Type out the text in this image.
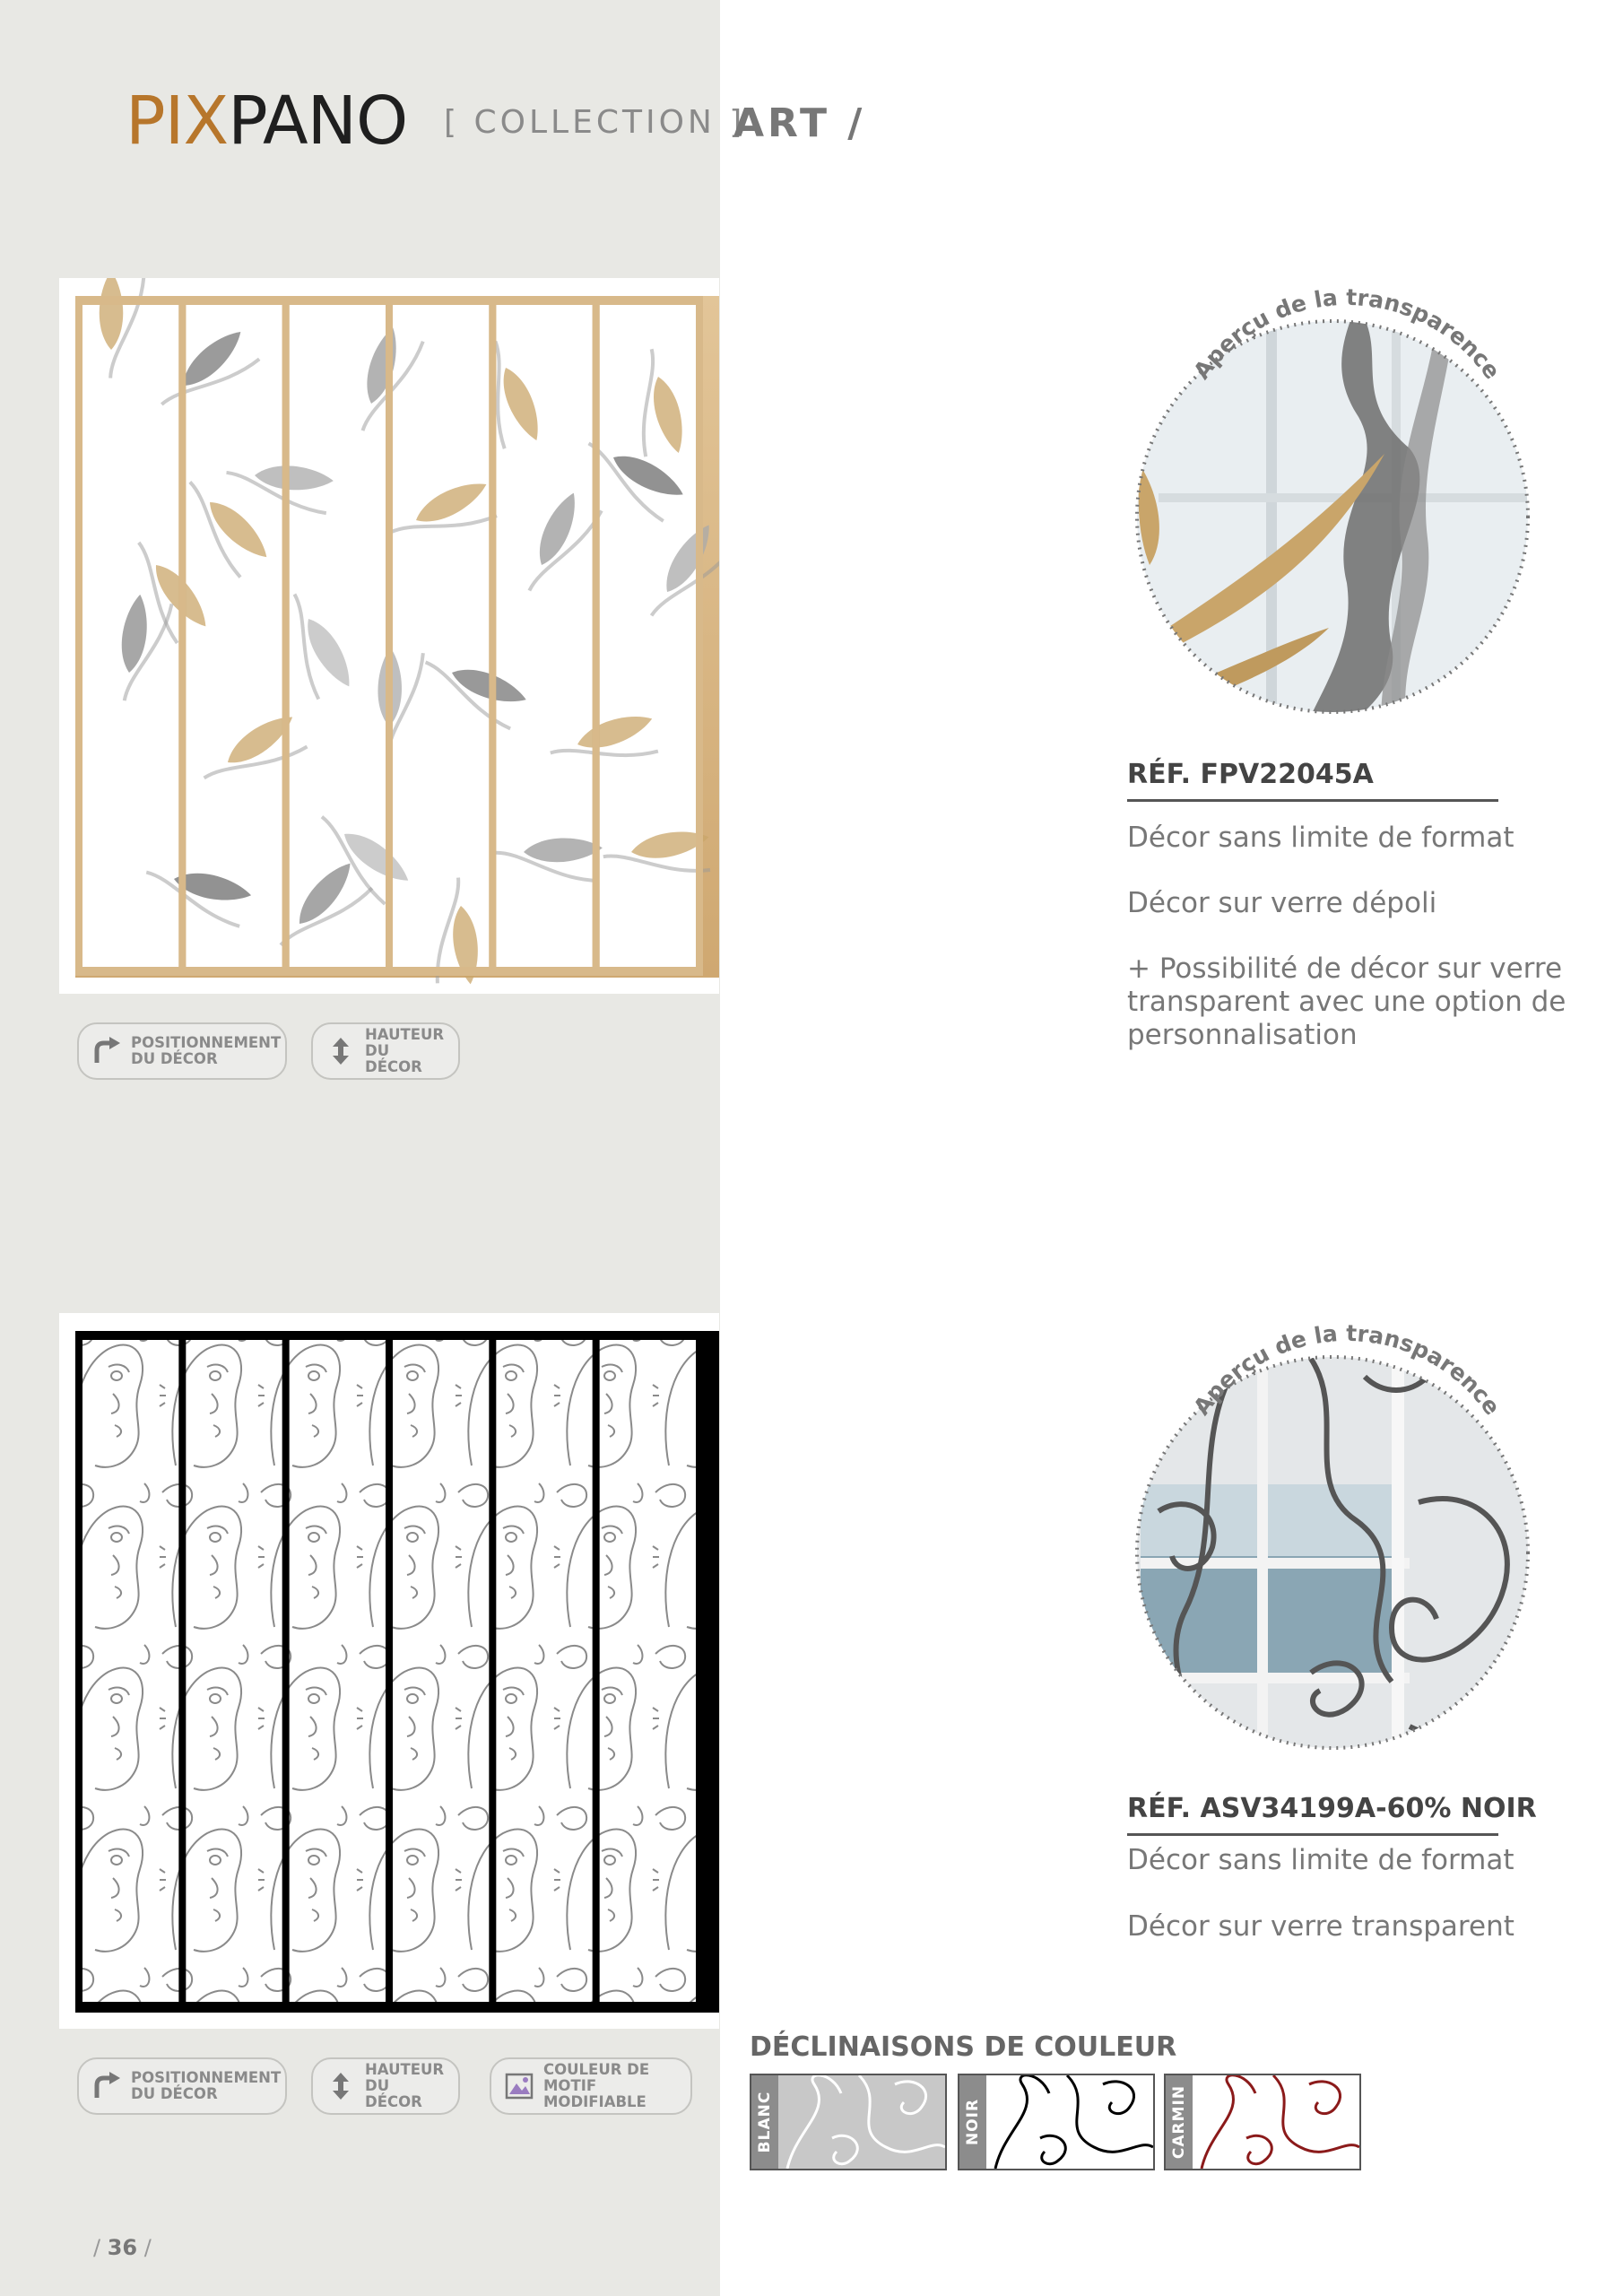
PIXPANO [ COLLECTION ]
ART /
Aperçu de la transparence
RÉF. FPV22045A
Décor sans limite de format
Décor sur verre dépoli
+ Possibilité de décor sur verre transparent avec une option de personnalisation
POSITIONNEMENT
DU DÉCOR
HAUTEUR
DU DÉCOR
Aperçu de la transparence
RÉF. ASV34199A-60% NOIR
Décor sans limite de format
Décor sur verre transparent
POSITIONNEMENT
DU DÉCOR
HAUTEUR
DU DÉCOR
COULEUR DE MOTIF
MODIFIABLE
DÉCLINAISONS DE COULEUR
BLANC	NOIR	CARMIN
/ 36 /
